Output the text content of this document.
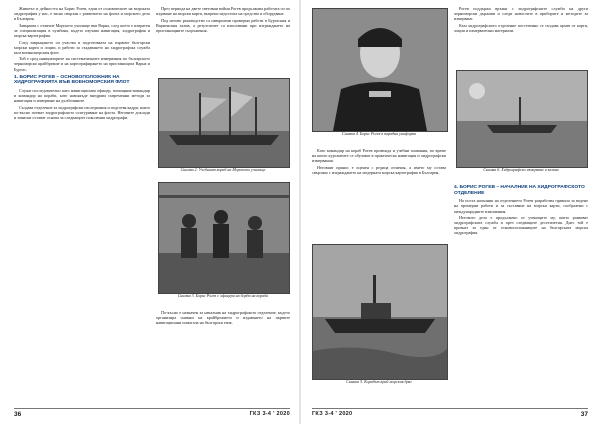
Животът и дейността на Борис Рогев, един от основателите на морската хидрография у нас, е тясно свързан с развитието на флота и морското дело в България.

Завършва с отличие Морското училище във Варна, след което е изпратен за специализация в чужбина, където изучава навигация, хидрография и морска картография.

След завръщането си участва в подготовката на първите български морски карти и лоции, и работи за създаването на хидрографска служба към военноморския флот.

Той е сред инициаторите на систематичните измервания по българското черноморско крайбрежие и на картографирането на пристанищата Варна и Бургас.

1. БОРИС РОГЕВ – ОСНОВОПОЛОЖНИК НА ХИДРОГРАФИЯТА ВЪВ ВОЕНОМОРСКИЯ ФЛОТ

Служи последователно като навигационен офицер, помощник-командир и командир на кораби, като навсякъде внедрява съвременни методи за навигация и измерване на дълбочините.

Създава отделение за хидрографски изследвания и подготвя кадри, които по-късно поемат хидрографското осигуряване на флота. Неговите доклади и записки остават основа за следващите поколения хидрографи.

През периода на двете световни войни Рогев продължава работата си по издаване на морски карти, въпреки недостига на средства и оборудване.

Под негово ръководство са извършени промерни работи в Бургаския и Варненския залив, а резултатите са използвани при изграждането на пристанищните съоръжения.

Снимка 2. Учебният кораб на Морското училище
Снимка 3. Борис Рогев с офицери на борда на кораба

По-късно е назначен за началник на хидрографското отделение, където организира снимки на крайбрежието и издаването на първите навигационни помагала на български език.

36	ГКЗ 3-4 ' 2020
Снимка 4. Борис Рогев в парадна униформа

Като командир на кораб Рогев провежда и учебни плавания, по време на които курсантите се обучават в практическа навигация и хидрографски измервания.

Неговият принос е оценен с редица отличия, а името му остава свързано с изграждането на модерната морска картография в България.

Снимка 5. Корабът край морския бряг

Рогев поддържа връзки с хидрографските служби на други черноморски държави и следи новостите в приборите и методите за измерване.

Към хидрографското отделение постепенно се създава архив от карти, лоции и измервателни материали.

Снимка 6. Хидрографско измерване в залива
4. БОРИС РОГЕВ – НАЧАЛНИК НА ХИДРОГРАФСКОТО ОТДЕЛЕНИЕ

На поста началник на отделението Рогев разработва правила за водене на промерни работи и за съставяне на морски карти, съобразени с международните изисквания.

Неговото дело е продължено от учениците му, които развиват хидрографската служба и през следващите десетилетия. Днес той е признат за един от основоположниците на българската морска хидрография.

ГКЗ 3-4 ' 2020	37
